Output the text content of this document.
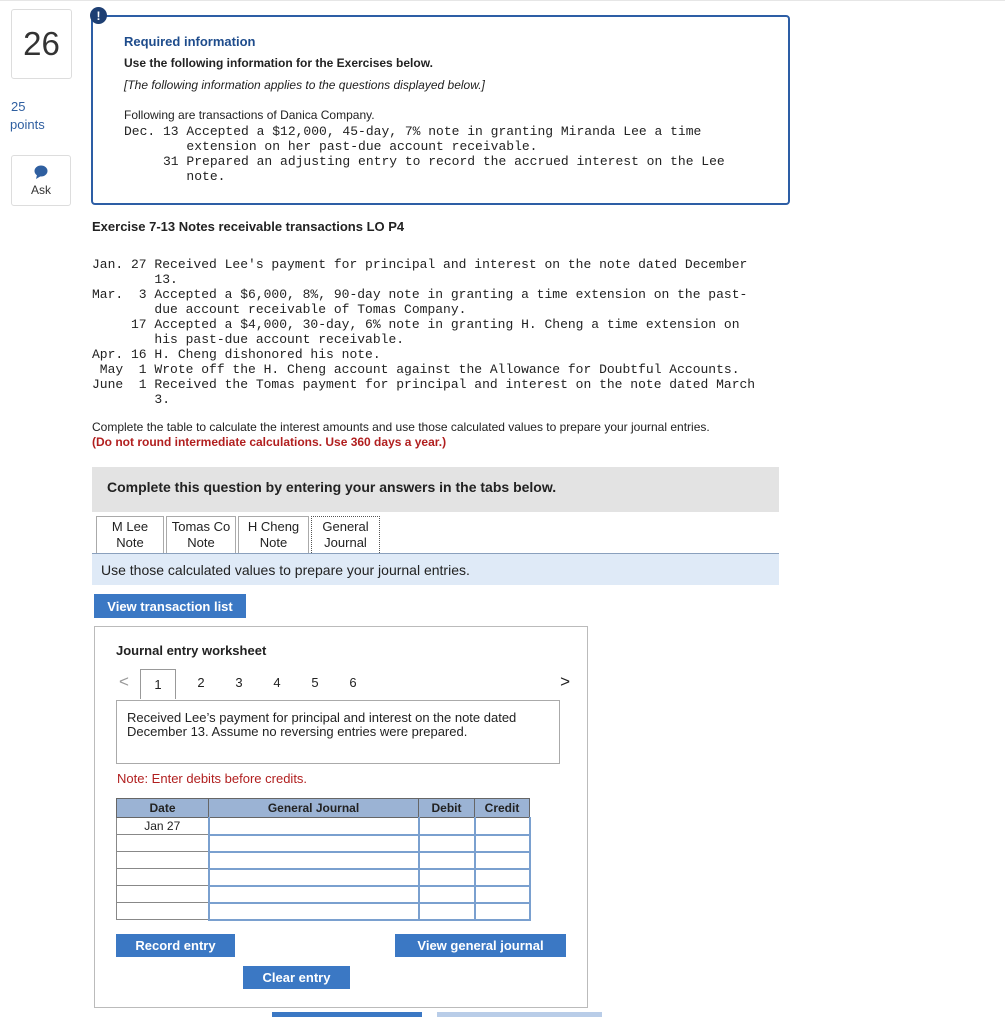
26
25
points
Ask
!
Required information
Use the following information for the Exercises below.
[The following information applies to the questions displayed below.]
Following are transactions of Danica Company.
Dec. 13 Accepted a $12,000, 45-day, 7% note in granting Miranda Lee a time
extension on her past-due account receivable.
31 Prepared an adjusting entry to record the accrued interest on the Lee
note.
Exercise 7-13 Notes receivable transactions LO P4
Jan. 27 Received Lee's payment for principal and interest on the note dated December
13.
Mar.  3 Accepted a $6,000, 8%, 90-day note in granting a time extension on the past-
due account receivable of Tomas Company.
17 Accepted a $4,000, 30-day, 6% note in granting H. Cheng a time extension on
his past-due account receivable.
Apr. 16 H. Cheng dishonored his note.
May  1 Wrote off the H. Cheng account against the Allowance for Doubtful Accounts.
June  1 Received the Tomas payment for principal and interest on the note dated March
3.
Complete the table to calculate the interest amounts and use those calculated values to prepare your journal entries.
(Do not round intermediate calculations. Use 360 days a year.)
Complete this question by entering your answers in the tabs below.
M Lee
Note
Tomas Co
Note
H Cheng
Note
General
Journal
Use those calculated values to prepare your journal entries.
View transaction list
Journal entry worksheet
<	1	2 3 4 5 6	>
Received Lee’s payment for principal and interest on the note dated December 13. Assume no reversing entries were prepared.
Note: Enter debits before credits.
Date	General Journal	Debit	Credit
Jan 27			

Record entry	View general journal
Clear entry
